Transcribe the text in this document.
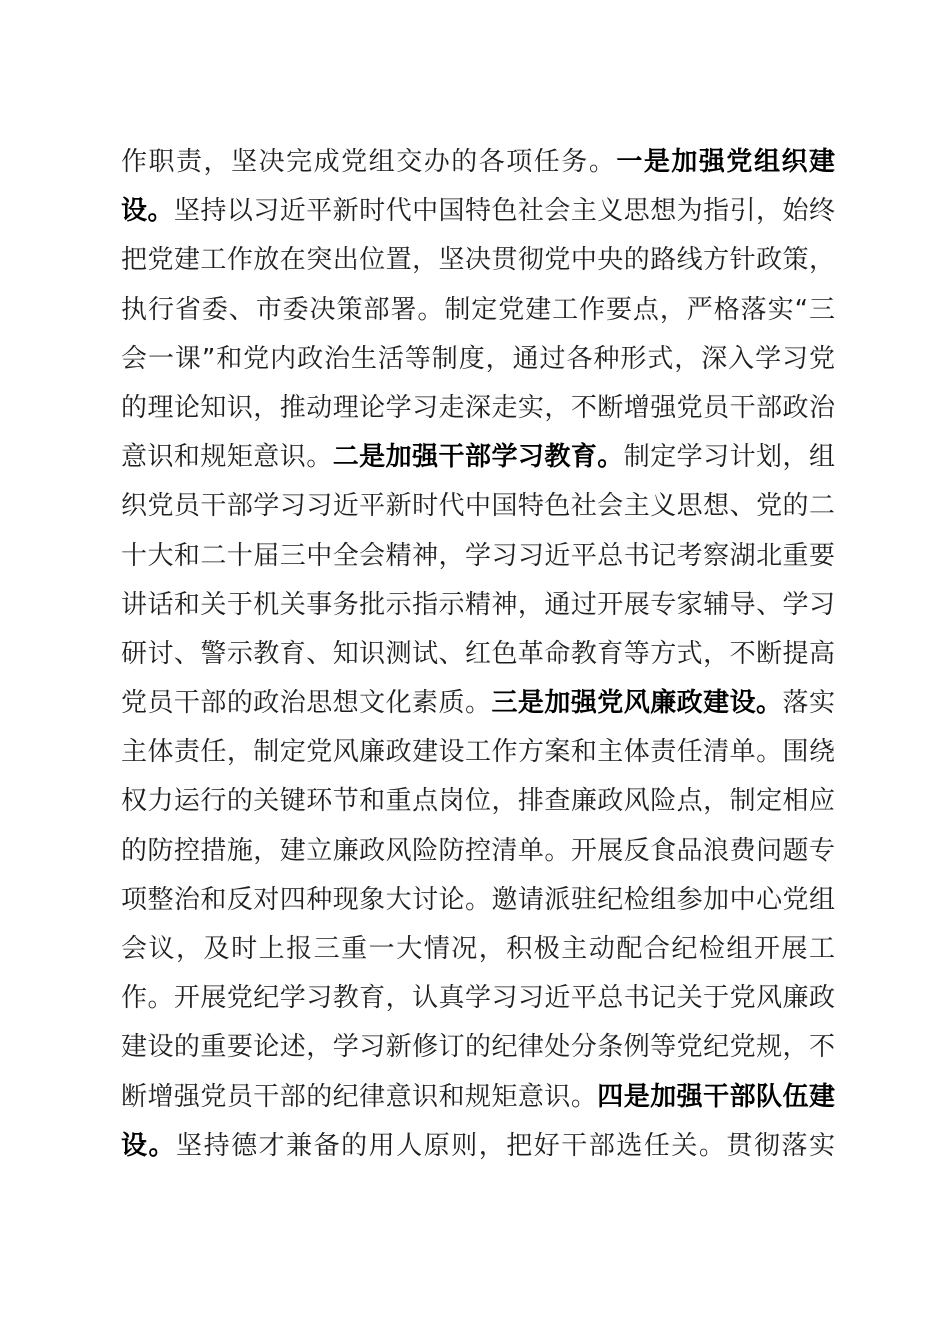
作职责，坚决完成党组交办的各项任务。一是加强党组织建
设。坚持以习近平新时代中国特色社会主义思想为指引，始终
把党建工作放在突出位置，坚决贯彻党中央的路线方针政策，
执行省委、市委决策部署。制定党建工作要点，严格落实“三
会一课”和党内政治生活等制度，通过各种形式，深入学习党
的理论知识，推动理论学习走深走实，不断增强党员干部政治
意识和规矩意识。二是加强干部学习教育。制定学习计划，组
织党员干部学习习近平新时代中国特色社会主义思想、党的二
十大和二十届三中全会精神，学习习近平总书记考察湖北重要
讲话和关于机关事务批示指示精神，通过开展专家辅导、学习
研讨、警示教育、知识测试、红色革命教育等方式，不断提高
党员干部的政治思想文化素质。三是加强党风廉政建设。落实
主体责任，制定党风廉政建设工作方案和主体责任清单。围绕
权力运行的关键环节和重点岗位，排查廉政风险点，制定相应
的防控措施，建立廉政风险防控清单。开展反食品浪费问题专
项整治和反对四种现象大讨论。邀请派驻纪检组参加中心党组
会议，及时上报三重一大情况，积极主动配合纪检组开展工
作。开展党纪学习教育，认真学习习近平总书记关于党风廉政
建设的重要论述，学习新修订的纪律处分条例等党纪党规，不
断增强党员干部的纪律意识和规矩意识。四是加强干部队伍建
设。坚持德才兼备的用人原则，把好干部选任关。贯彻落实
